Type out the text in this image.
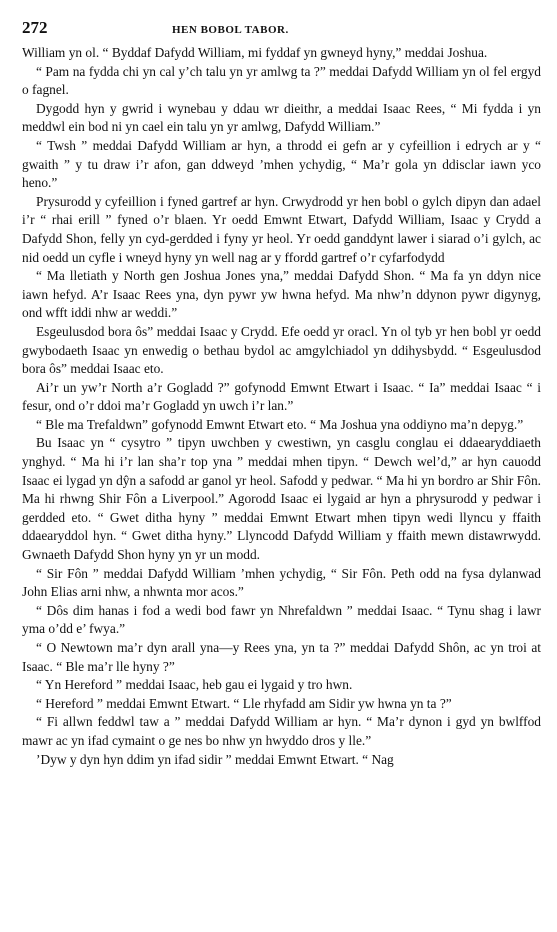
272	HEN BOBOL TABOR.

William yn ol. “ Byddaf Dafydd William, mi fyddaf yn gwneyd hyny,” meddai Joshua.

“ Pam na fydda chi yn cal y’ch talu yn yr amlwg ta ?” meddai Dafydd William yn ol fel ergyd o fagnel.

Dygodd hyn y gwrid i wynebau y ddau wr dieithr, a meddai Isaac Rees, “ Mi fydda i yn meddwl ein bod ni yn cael ein talu yn yr amlwg, Dafydd William.”

“ Twsh ” meddai Dafydd William ar hyn, a throdd ei gefn ar y cyfeillion i edrych ar y “ gwaith ” y tu draw i’r afon, gan ddweyd ’mhen ychydig, “ Ma’r gola yn ddisclar iawn yco heno.”

Prysurodd y cyfeillion i fyned gartref ar hyn. Crwydrodd yr hen bobl o gylch dipyn dan adael i’r “ rhai erill ” fyned o’r blaen. Yr oedd Emwnt Etwart, Dafydd William, Isaac y Crydd a Dafydd Shon, felly yn cyd-gerdded i fyny yr heol. Yr oedd ganddynt lawer i siarad o’i gylch, ac nid oedd un cyfle i wneyd hyny yn well nag ar y ffordd gartref o’r cyfarfodydd

“ Ma lletiath y North gen Joshua Jones yna,” meddai Dafydd Shon. “ Ma fa yn ddyn nice iawn hefyd. A’r Isaac Rees yna, dyn pywr yw hwna hefyd. Ma nhw’n ddynon pywr digynyg, ond wfft iddi nhw ar weddi.”

Esgeulusdod bora ôs” meddai Isaac y Crydd. Efe oedd yr oracl. Yn ol tyb yr hen bobl yr oedd gwybodaeth Isaac yn enwedig o bethau bydol ac amgylchiadol yn ddihysbydd. “ Esgeulusdod bora ôs” meddai Isaac eto.

Ai’r un yw’r North a’r Gogladd ?” gofynodd Emwnt Etwart i Isaac. “ Ia” meddai Isaac “ i fesur, ond o’r ddoi ma’r Gogladd yn uwch i’r lan.”

“ Ble ma Trefaldwn” gofynodd Emwnt Etwart eto. “ Ma Joshua yna oddiyno ma’n depyg.”

Bu Isaac yn “ cysytro ” tipyn uwchben y cwestiwn, yn casglu conglau ei ddaearyddiaeth ynghyd. “ Ma hi i’r lan sha’r top yna ” meddai mhen tipyn. “ Dewch wel’d,” ar hyn cauodd Isaac ei lygad yn dŷn a safodd ar ganol yr heol. Safodd y pedwar. “ Ma hi yn bordro ar Shir Fôn. Ma hi rhwng Shir Fôn a Liverpool.” Agorodd Isaac ei lygaid ar hyn a phrysurodd y pedwar i gerdded eto. “ Gwet ditha hyny ” meddai Emwnt Etwart mhen tipyn wedi llyncu y ffaith ddaearyddol hyn. “ Gwet ditha hyny.” Llyncodd Dafydd William y ffaith mewn distawrwydd. Gwnaeth Dafydd Shon hyny yn yr un modd.

“ Sir Fôn ” meddai Dafydd William ’mhen ychydig, “ Sir Fôn. Peth odd na fysa dylanwad John Elias arni nhw, a nhwnta mor acos.”

“ Dôs dim hanas i fod a wedi bod fawr yn Nhrefaldwn ” meddai Isaac. “ Tynu shag i lawr yma o’dd e’ fwya.”

“ O Newtown ma’r dyn arall yna—y Rees yna, yn ta ?” meddai Dafydd Shôn, ac yn troi at Isaac. “ Ble ma’r lle hyny ?”

“ Yn Hereford ” meddai Isaac, heb gau ei lygaid y tro hwn.

“ Hereford ” meddai Emwnt Etwart. “ Lle rhyfadd am Sidir yw hwna yn ta ?”

“ Fi allwn feddwl taw a ” meddai Dafydd William ar hyn. “ Ma’r dynon i gyd yn bwlffod mawr ac yn ifad cymaint o ge nes bo nhw yn hwyddo dros y lle.”

’Dyw y dyn hyn ddim yn ifad sidir ” meddai Emwnt Etwart. “ Nag
